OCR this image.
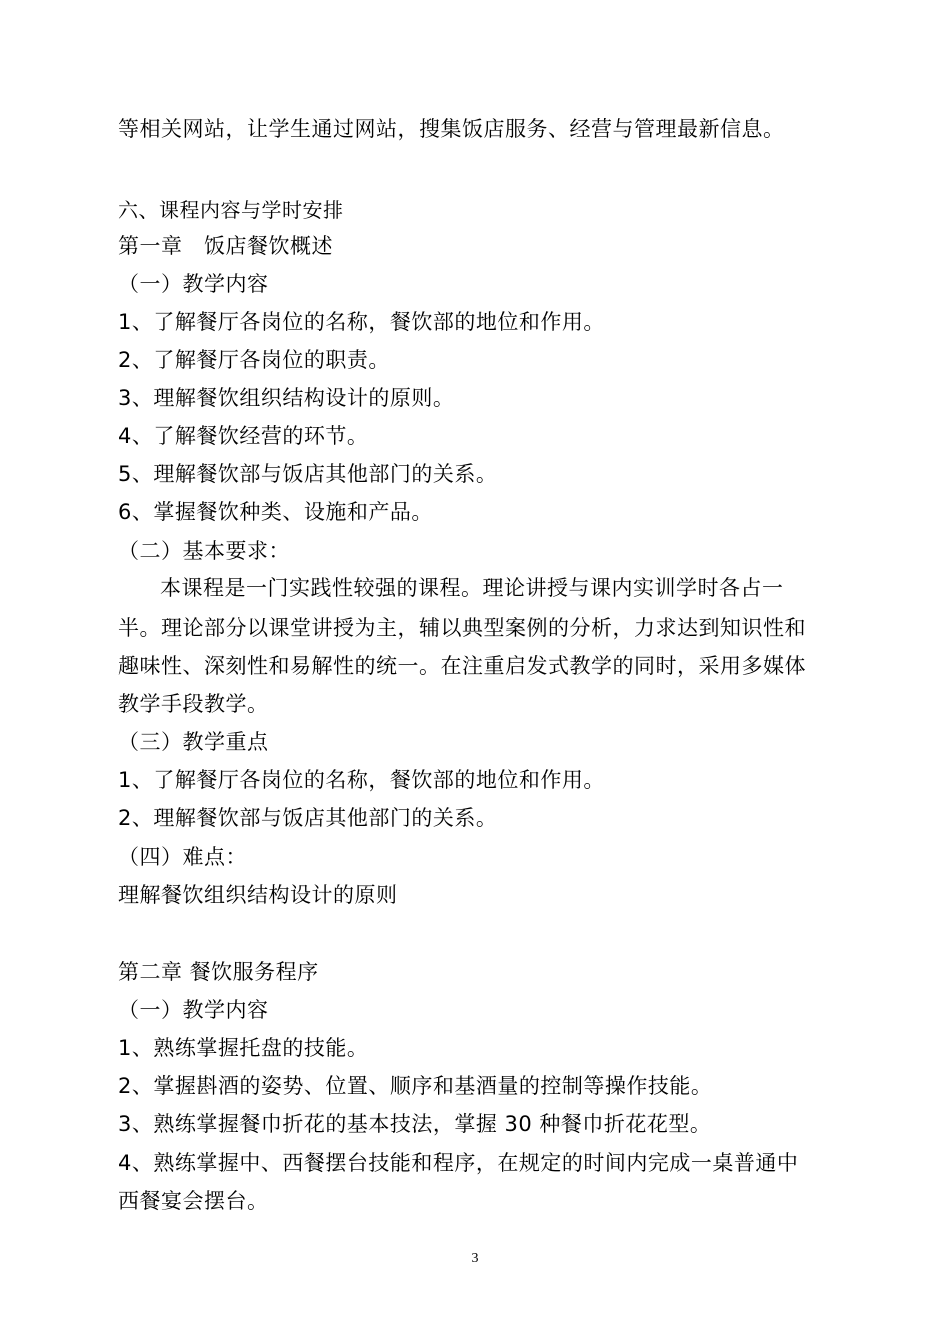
等相关网站，让学生通过网站，搜集饭店服务、经营与管理最新信息。
六、课程内容与学时安排
第一章　饭店餐饮概述
（一）教学内容
1、了解餐厅各岗位的名称，餐饮部的地位和作用。
2、了解餐厅各岗位的职责。
3、理解餐饮组织结构设计的原则。
4、了解餐饮经营的环节。
5、理解餐饮部与饭店其他部门的关系。
6、掌握餐饮种类、设施和产品。
（二）基本要求：
本课程是一门实践性较强的课程。理论讲授与课内实训学时各占一
半。理论部分以课堂讲授为主，辅以典型案例的分析，力求达到知识性和
趣味性、深刻性和易解性的统一。在注重启发式教学的同时，采用多媒体
教学手段教学。
（三）教学重点
1、了解餐厅各岗位的名称，餐饮部的地位和作用。
2、理解餐饮部与饭店其他部门的关系。
（四）难点：
理解餐饮组织结构设计的原则
第二章 餐饮服务程序
（一）教学内容
1、熟练掌握托盘的技能。
2、掌握斟酒的姿势、位置、顺序和基酒量的控制等操作技能。
3、熟练掌握餐巾折花的基本技法，掌握 30 种餐巾折花花型。
4、熟练掌握中、西餐摆台技能和程序，在规定的时间内完成一桌普通中
西餐宴会摆台。
3
